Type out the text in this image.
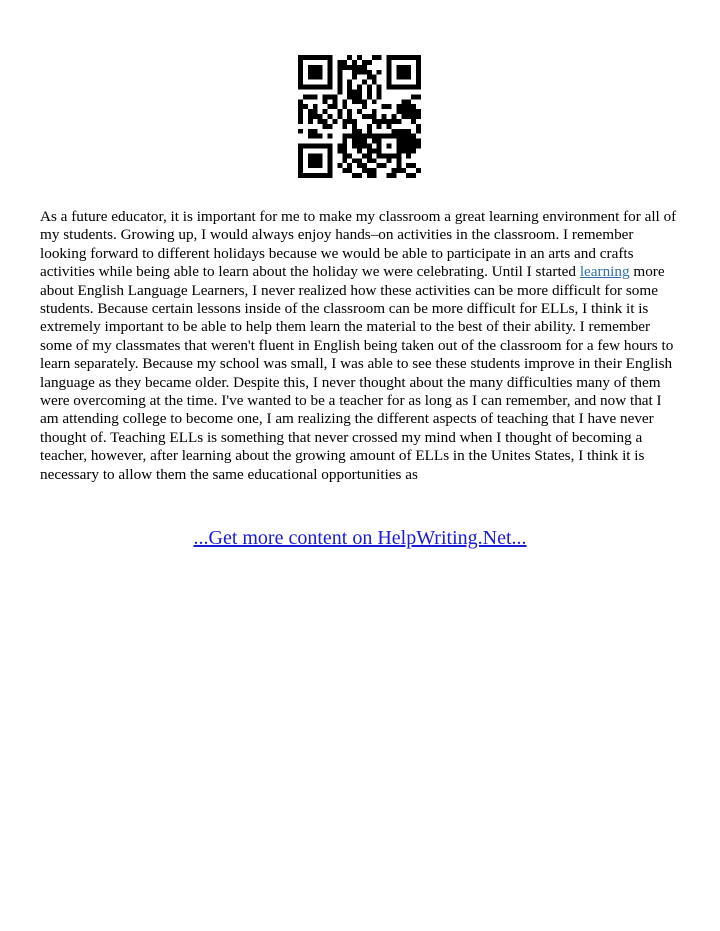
As a future educator, it is important for me to make my classroom a great learning environment for all of my students. Growing up, I would always enjoy hands–on activities in the classroom. I remember looking forward to different holidays because we would be able to participate in an arts and crafts activities while being able to learn about the holiday we were celebrating. Until I started learning more about English Language Learners, I never realized how these activities can be more difficult for some students. Because certain lessons inside of the classroom can be more difficult for ELLs, I think it is extremely important to be able to help them learn the material to the best of their ability. I remember some of my classmates that weren't fluent in English being taken out of the classroom for a few hours to learn separately. Because my school was small, I was able to see these students improve in their English language as they became older. Despite this, I never thought about the many difficulties many of them were overcoming at the time. I've wanted to be a teacher for as long as I can remember, and now that I am attending college to become one, I am realizing the different aspects of teaching that I have never thought of. Teaching ELLs is something that never crossed my mind when I thought of becoming a teacher, however, after learning about the growing amount of ELLs in the Unites States, I think it is necessary to allow them the same educational opportunities as

...Get more content on HelpWriting.Net...
